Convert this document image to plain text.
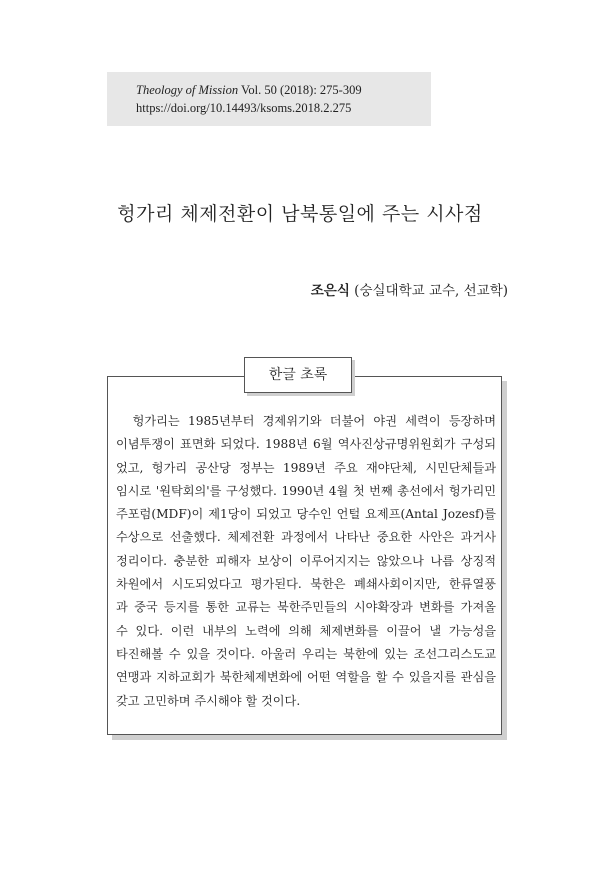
Theology of Mission Vol. 50 (2018): 275-309
https://doi.org/10.14493/ksoms.2018.2.275
헝가리 체제전환이 남북통일에 주는 시사점
조은식 (숭실대학교 교수, 선교학)
한글 초록
　헝가리는 1985년부터 경제위기와 더불어 야권 세력이 등장하며
이념투쟁이 표면화 되었다. 1988년 6월 역사진상규명위원회가 구성되
었고, 헝가리 공산당 정부는 1989년 주요 재야단체, 시민단체들과
임시로 '원탁회의'를 구성했다. 1990년 4월 첫 번째 총선에서 헝가리민
주포럼(MDF)이 제1당이 되었고 당수인 언털 요제프(Antal Jozesf)를
수상으로 선출했다. 체제전환 과정에서 나타난 중요한 사안은 과거사
정리이다. 충분한 피해자 보상이 이루어지지는 않았으나 나름 상징적
차원에서 시도되었다고 평가된다. 북한은 폐쇄사회이지만, 한류열풍
과 중국 등지를 통한 교류는 북한주민들의 시야확장과 변화를 가져올
수 있다. 이런 내부의 노력에 의해 체제변화를 이끌어 낼 가능성을
타진해볼 수 있을 것이다. 아울러 우리는 북한에 있는 조선그리스도교
연맹과 지하교회가 북한체제변화에 어떤 역할을 할 수 있을지를 관심을
갖고 고민하며 주시해야 할 것이다.
